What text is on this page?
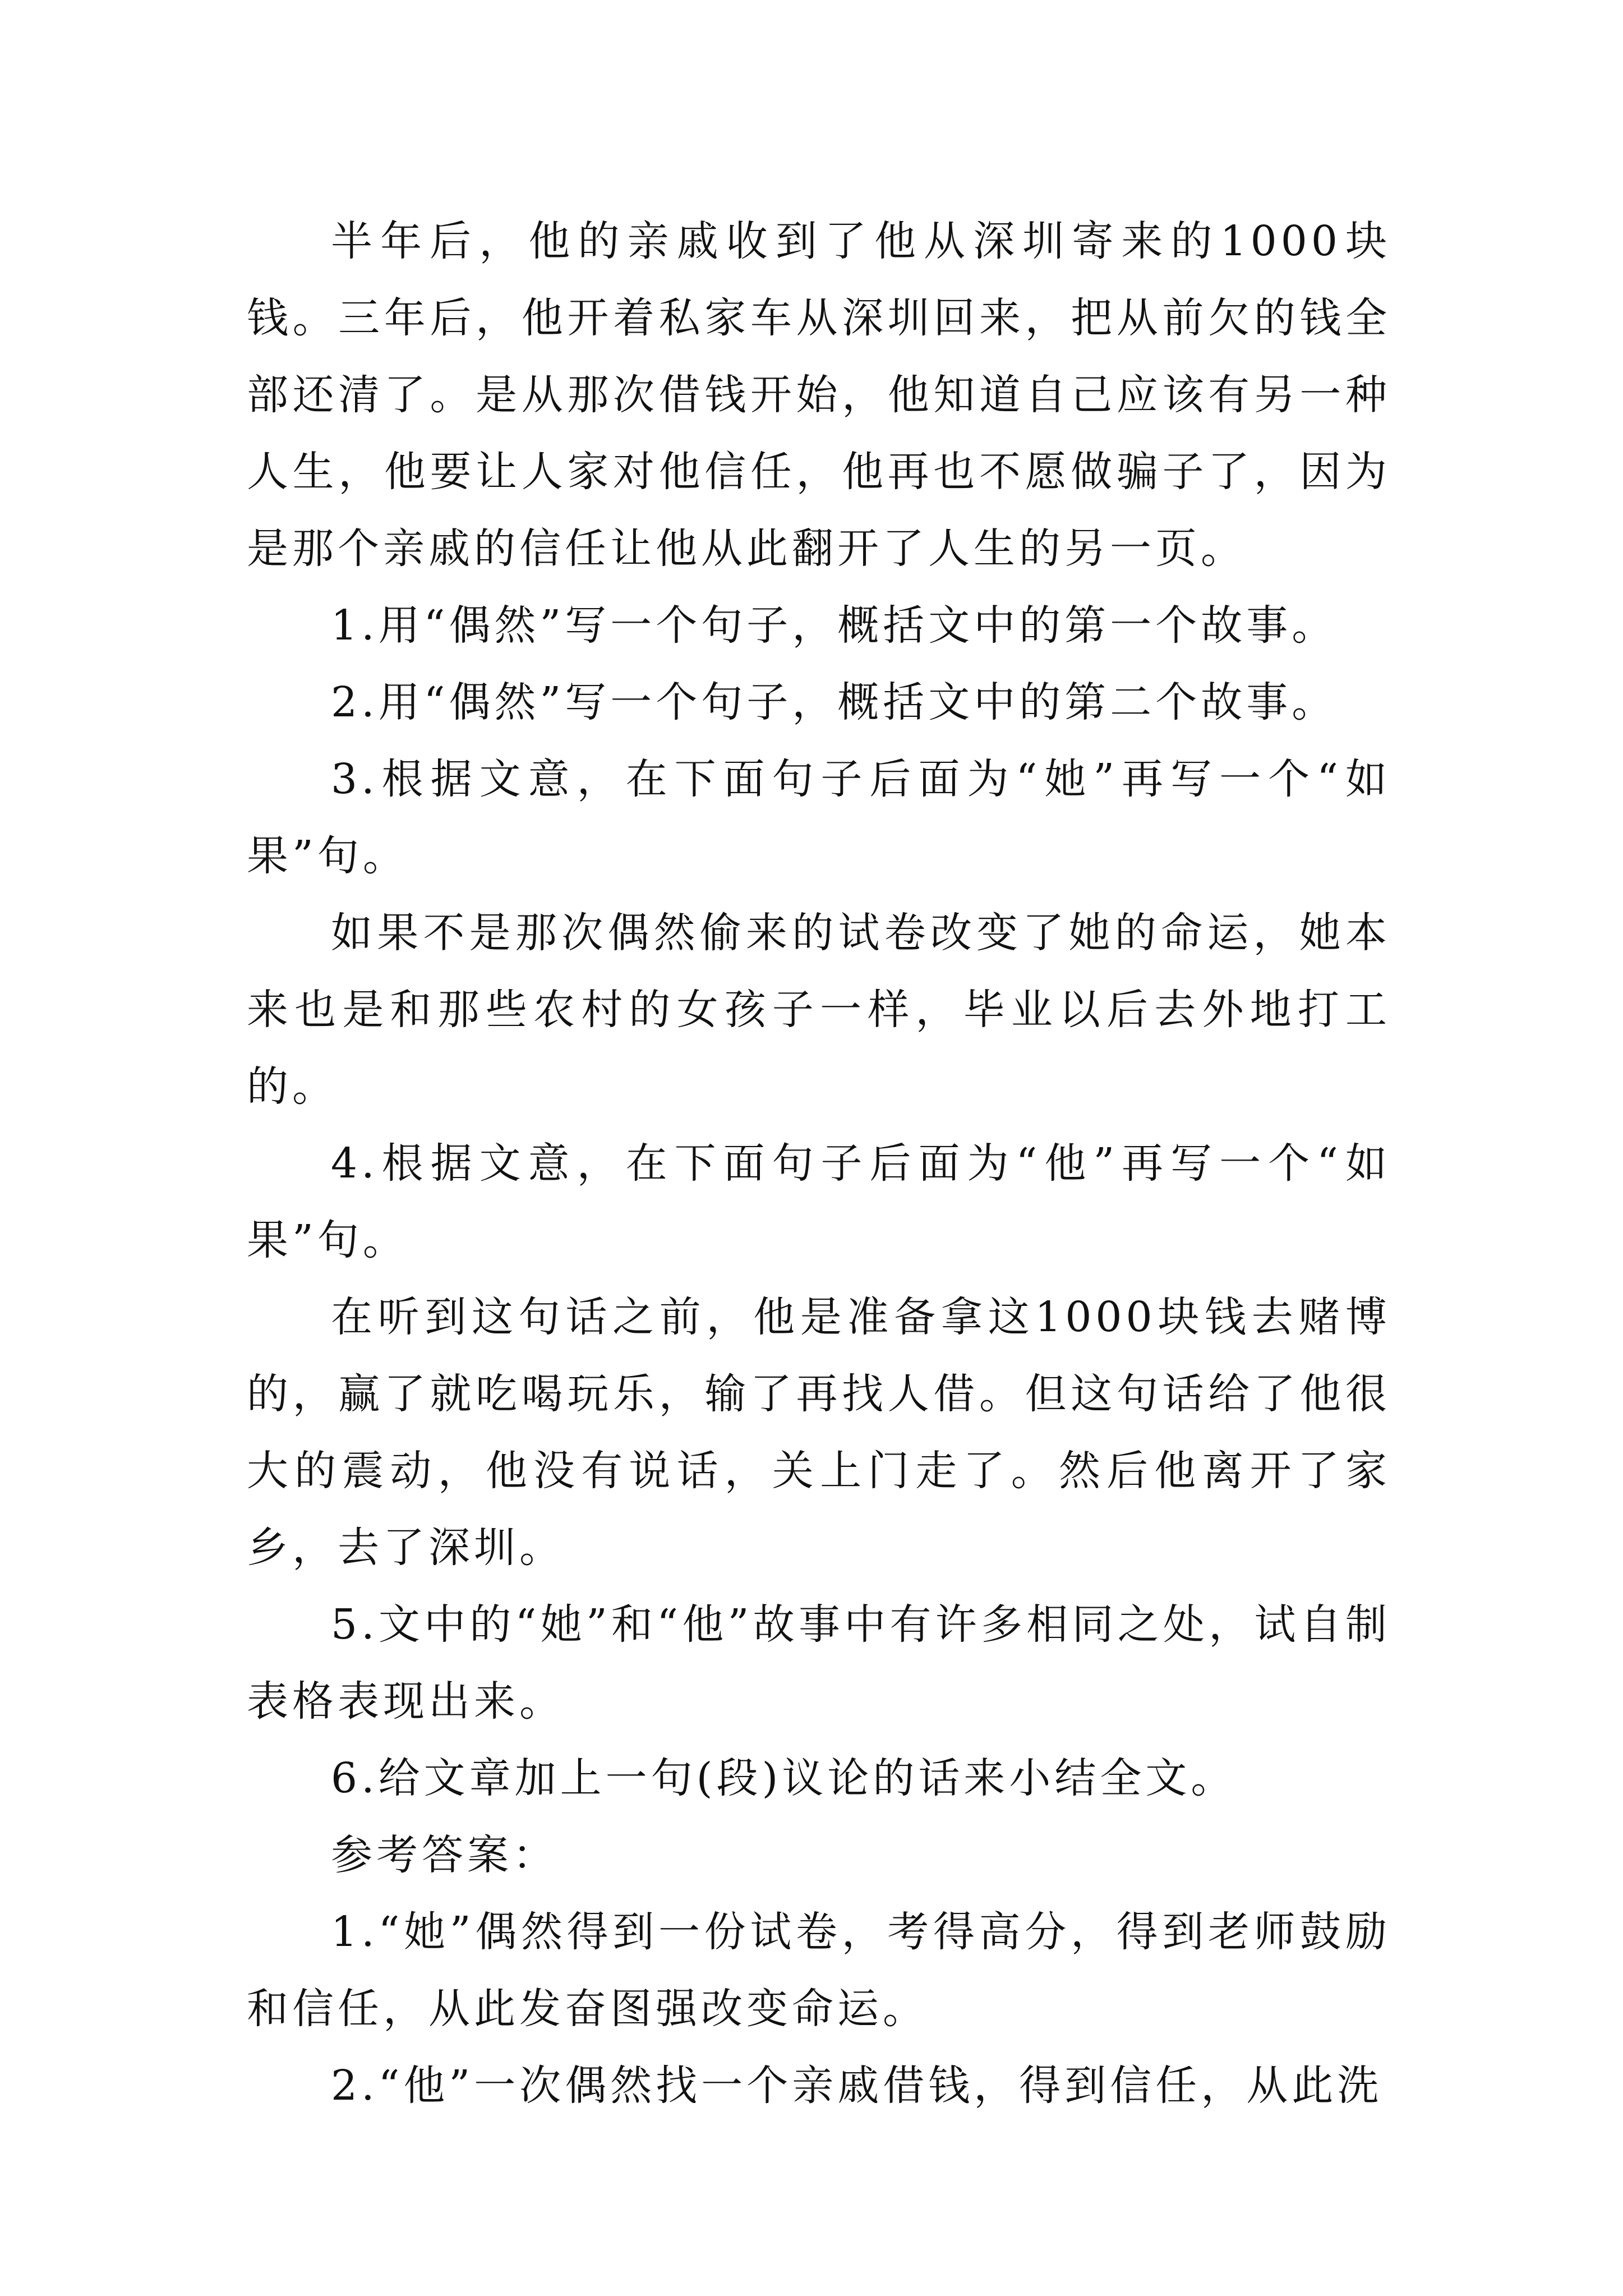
半年后，他的亲戚收到了他从深圳寄来的1000块钱。三年后，他开着私家车从深圳回来，把从前欠的钱全部还清了。是从那次借钱开始，他知道自己应该有另一种人生，他要让人家对他信任，他再也不愿做骗子了，因为是那个亲戚的信任让他从此翻开了人生的另一页。

1.用“偶然”写一个句子，概括文中的第一个故事。

2.用“偶然”写一个句子，概括文中的第二个故事。

3.根据文意，在下面句子后面为“她”再写一个“如果”句。

如果不是那次偶然偷来的试卷改变了她的命运，她本来也是和那些农村的女孩子一样，毕业以后去外地打工的。

4.根据文意，在下面句子后面为“他”再写一个“如果”句。

在听到这句话之前，他是准备拿这1000块钱去赌博的，赢了就吃喝玩乐，输了再找人借。但这句话给了他很大的震动，他没有说话，关上门走了。然后他离开了家乡，去了深圳。

5.文中的“她”和“他”故事中有许多相同之处，试自制表格表现出来。

6.给文章加上一句(段)议论的话来小结全文。

参考答案：

1.“她”偶然得到一份试卷，考得高分，得到老师鼓励和信任，从此发奋图强改变命运。

2.“他”一次偶然找一个亲戚借钱，得到信任，从此洗
